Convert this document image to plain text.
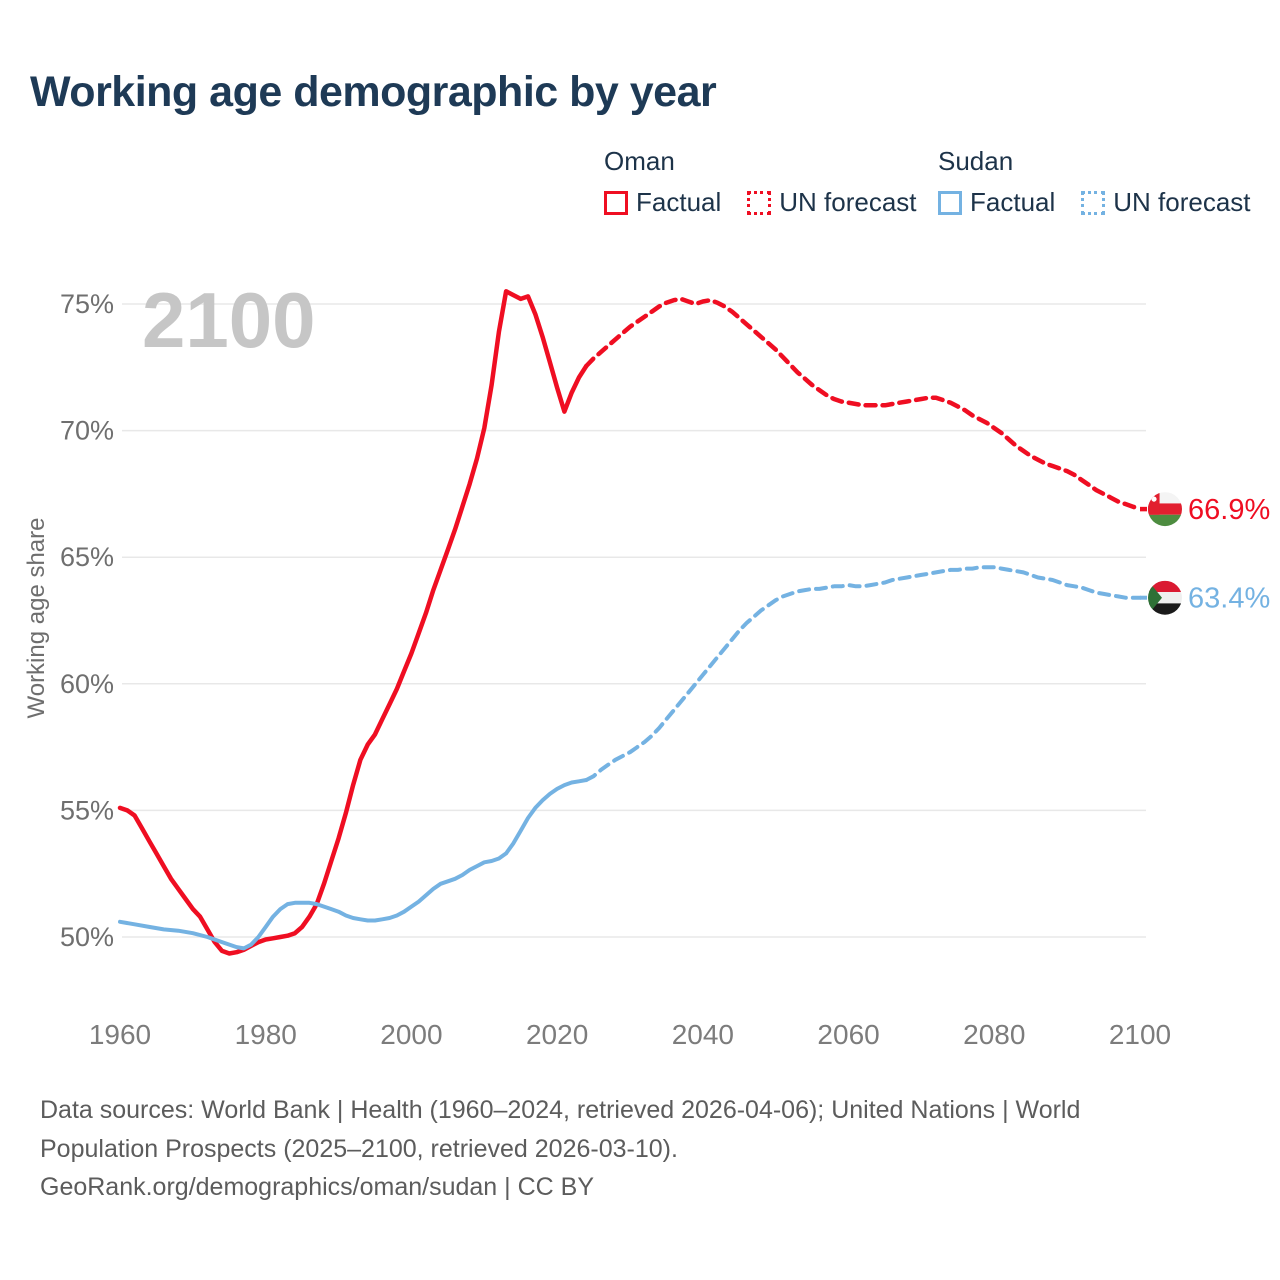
2100
75%
70%
65%
60%
55%
50%
1960	1980	2000	2020	2040	2060	2080	2100
Working age share
66.9%
63.4%
Working age demographic by year
Oman
Factual UN forecast
Sudan
Factual UN forecast
Data sources: World Bank | Health (1960–2024, retrieved 2026-04-06); United Nations | World
Population Prospects (2025–2100, retrieved 2026-03-10).
GeoRank.org/demographics/oman/sudan | CC BY
